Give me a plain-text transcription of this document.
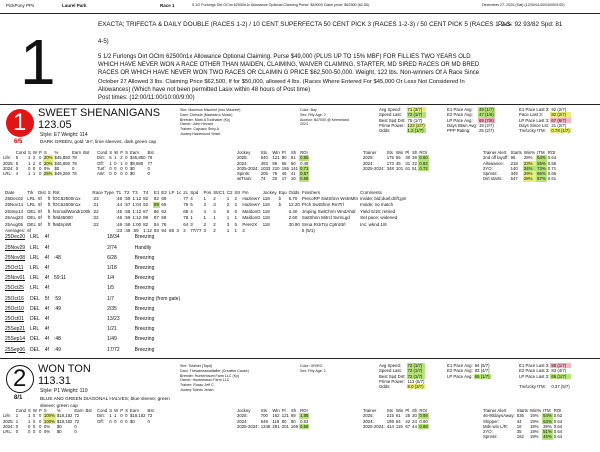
PickPony PPs	Laurel Park	Race 1	5 1/2 Furlongs Dirt OClm 62500n1x Allowance Optional Claiming Purse: $49000 Claim price: $62500 (62.50)	December 27, 2025 (Sat) (12/00/11/00/15/00/9:00)
1
EXACTA; TRIFECTA & DAILY DOUBLE (RACES 1-2) / 10 CENT SUPERFECTA 50 CENT PICK 3 (RACES 1-2-3) / 50 CENT PICK 5 (RACES 1-2-3-
Pars: 92 93/82 Spd: 81
4-5)
5 1/2 Furlongs Dirt OClm 62500n1x Allowance Optional Claiming. Purse $49,000 (PLUS UP TO 15% MBF) FOR FILLIES TWO YEARS OLD
WHICH HAVE NEVER WON A RACE OTHER THAN MAIDEN, CLAIMING, WAIVER CLAIMING, STARTER, MD SIRED RACES OR MD BRED
RACES OR WHICH HAVE NEVER WON TWO RACES OR CLAIMIN G PRICE $62,500-50,000. Weight, 122 lbs. Non-winners Of A Race Since
October 27 Allowed 3 lbs. Claiming Price $62,500, If for $50,000, allowed 4 lbs. (Races Where Entered For $45,000 Or Less Not Considered In
Allowances) (Which have not been permitted Lasix within 48 hours of Post time)
Post times: (12:00/11:00/10:00/9:00)
1
6/5
SWEET SHENANIGANS
123.05
Style: E7 Weight: 114
DARK GREEN, gold 'JH', lime sleeves, dark green cap
Sire: Maximus Mischief (Into Mischief)
Dam: Chrissie (Maclean's Music)
Breeder: Mark A Toothaker (Ky)
Owner: John Hezard
Trainer: Cayuaro Sexy A
Jockey:Hazlewood Yelsel
Color: Bay
Sex: Filly Age: 2
Auction: $47000 @ Keeneland
2024
Avg Speed:	71 (3/7)
Speed Last:	72 (1/7)
Best Spd Dirt:	75 (1/7)
Prime Power:	123 (2/7)
Odds:	1.2 (1/7)
E1 Pace Avg:	49 (1/7)
E2 Pace Avg:	47 (1/8)
LP Pace Avg:	69 (7/8)
Days Btwn Avg:	19 (2/7)
PPP Rating:	25 (2/7)
E1 Pace Last 3:	92 (2/7)
Pace Last 3:	82 (2/7)
LP Pace Last 3:	67 (6/7)
Days Since Lst:	21 (2/7)
Tm/Ucky ITM:	0.78 (1/7)
	Cond	S	W	P	S	%	Earn	Bst
Life:	5	1	2	0	20%	$45,850	78	
2025:	5	1	2	0	20%	$45,850	78	
2024:	0	0	0	0	0%	$0	0	
LRL:	4	1	1	0	25%	$49,250	76	
Cond	S	W	P	S	Earn	Bst
Dirt:	5	1	2	0	$45,850	78
Off:	1	0	1	0	$8,680	77
Turf:	0	0	0	0	$0	0
AW:	0	0	0	0	$0	0
Jockey	Sts	Win	Pl	Sh	ROI
2025:	540	121	90	81	0.86
2024:	493	89	65	60	0.48
2025-2024:	1033	210	155	141	0.71
Spints:	205	76	46	41	0.87
w/Train:	74	20	17	10	0.88
Trainer	Sts	Win	Pl	Sh	ROI
2025:	175	56	30	29	0.60
2024:	173	45	31	22	0.82
2025-2024:	348	101	61	51	0.72
Trainer Alert	Starts	Win%	ITM	ROI
2nd off layoff:	96	28%	64%	0.64
Allowance:	218	23%	55%	0.56
2YO:	140	34%	73%	0.71
Sprints:	349	29%	66%	0.66
Dirt starts:	547	28%	67%	0.61
Date	Trk	Dist	S	Rst	Race Type	T1	T2	T3	T4	E1	E2	LP	1c	2c	Spd	Pos	StrC1	C2	Str	Fin	Jockey	Equ	Odds	Finishers	Comments
25Dec02	LRL	6f	ft	fOC62500n1x	:23	:46	:59	1:12	82	82	69			77	4	1	2	1	2	HazlewY	118	b	6.70	PrecoRP SwtShnn WstnMtn	inside; bid;duel;drift;gm
25Nov14	LRL	5f	ft	fOC62500n1x	:21	:44	:57	1:04	92	89	65			76	5	3	3	2	2	HazlewY	118	b	12.20	Prch SwtShnn RmTrl	Inside; no match
25Sep14	DEL	6f	ft	fsSmallWondr100k	:22	:46	:58	1:12	87	86	62			68	4	4	4	5	6	MaldonG	119		4.40	Jmping SwlChrm WndAhdr	Yield 5/16; retired
25Aug23	DEL	6f	ft	fMd45000	:22	:46	:59	1:12	89	87	69			78	1	1	1	1	1	MaldonG	118		2.60	SwtShnn Mitrcl SvrnLgd	Set pace; widened
25Aug05	DEL	5f	ft	fMdSpWt	:22	:46	:59	1:00	82	84	76			64	3	2	2	3	5	PerezX	118		30.90	Snna RckTrp CptnStrl	Inc; wknd 1/8
Averages:	6f					:23	:46	:59	1:12	93	94	68	3	2	77/77	3	2	1	1	2				5 (5/1)	
25Dec20	LRL	4f		18/34	Breezing
25Nov29	LRL	4f		2/74	Handily
25Nov08	LRL	4f	:48	6/28	Breezing
25Oct11	LRL	4f		1/18	Breezing
25Nov01	LRL	4f	59:11	1/4	Breezing
25Oct25	LRL	4f		1/5	Breezing
25Oct16	DEL	5f	:59	1/7	Breezing (from gate)
25Oct10	DEL	4f	:49	2/35	Breezing
25Oct01	DEL	4f		13/23	Breezing
25Sep21	LRL	4f		1/21	Breezing
25Sep14	DEL	4f	:48	1/49	Breezing
25Sep06	DEL	4f	:49	17/72	Breezing
2
8/1
WON TON
113.31
Style: P1 Weight: 119
BLUE AND GREEN DIAGONAL HALVES; blue sleeve; green
sleeve; green cap
Sire: Totalnet (Tapit)
Dam: Thewaneawaitlaffer (Creative Cause)
Breeder: Hunterbaum Farm LLC (Ky)
Owner: Hunterbaum Farm LLC
Trainer: Russo Jeff C
Jockey:Toledo Jerian
Color: GR/RO
Sex: Filly Age: 2
Avg Speed:	72 (1/7)
Speed Last:	72 (1/7)
Best Spd Dirt:	72 (1/7)
Prime Power:	113 (6/7)
Odds:	8.0 (3/7)
E1 Pace Avg:	84 (5/7)
E2 Pace Avg:	83 (4/7)
LP Pace Avg:	65 (1/7)
E1 Pace Last 3:	86 (1/7)
E2 Pace Last 3:	83 (4/7)
LP Pace Last 3:	65 (1/7)

Tm/Ucky ITM:	0.37 (5/7)
	Cond	S	W	P	S	%	Earn	Bst
Life:	1	1	0	0	100%	$18,182	72	
2025:	1	1	0	0	100%	$18,182	72	
2024:	0	0	0	0	0%	$0	0	
LRL:	0	0	0	0	0%	$0	0	
Cond	S	W	P	S	Earn	Bst
Dirt:	1	1	0	0	$18,182	72
Off:	0	0	0	0	$0	0
Jockey	Sts	Win	Pl	Sh	ROI
2025:	700	162	121	89	1.88
2024:	648	119	80	80	0.53
2025-2024:	1348	281	201	169	0.59
Trainer	Sts	Win	Pl	Sh	ROI
2025:	215	61	25	20	0.98
2024:	199	54	42	24	0.80
2025-2024:	414	115	67	44	0.88
Trainer Alert	Starts	Win%	ITM	ROI
46-90daysAway:	536	19%	54%	0.62
Shipper:	44	19%	63%	0.64
Mdn win L/R:	16	19%	39%	0.64
2YO:	35	19%	51%	0.64
Sprints:	162	19%	45%	0.64
